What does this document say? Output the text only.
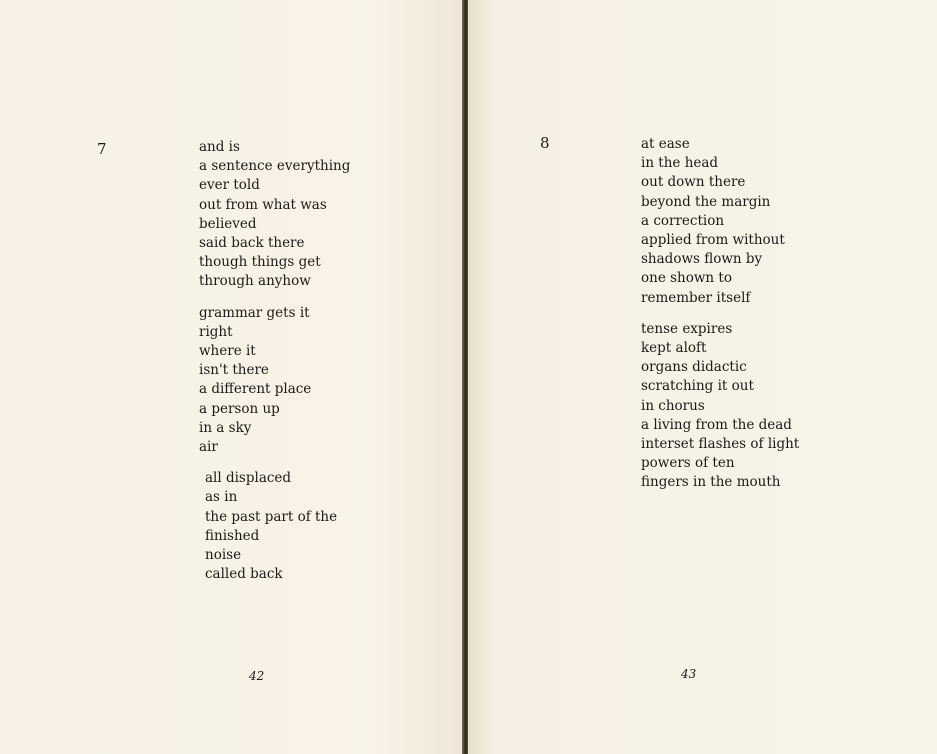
7	and is
a sentence everything
ever told
out from what was
believed
said back there
though things get
through anyhow
grammar gets it
right
where it
isn't there
a different place
a person up
in a sky
air
all displaced
as in
the past part of the
finished
noise
called back
42
8	at ease
in the head
out down there
beyond the margin
a correction
applied from without
shadows flown by
one shown to
remember itself
tense expires
kept aloft
organs didactic
scratching it out
in chorus
a living from the dead
interset flashes of light
powers of ten
fingers in the mouth
43
